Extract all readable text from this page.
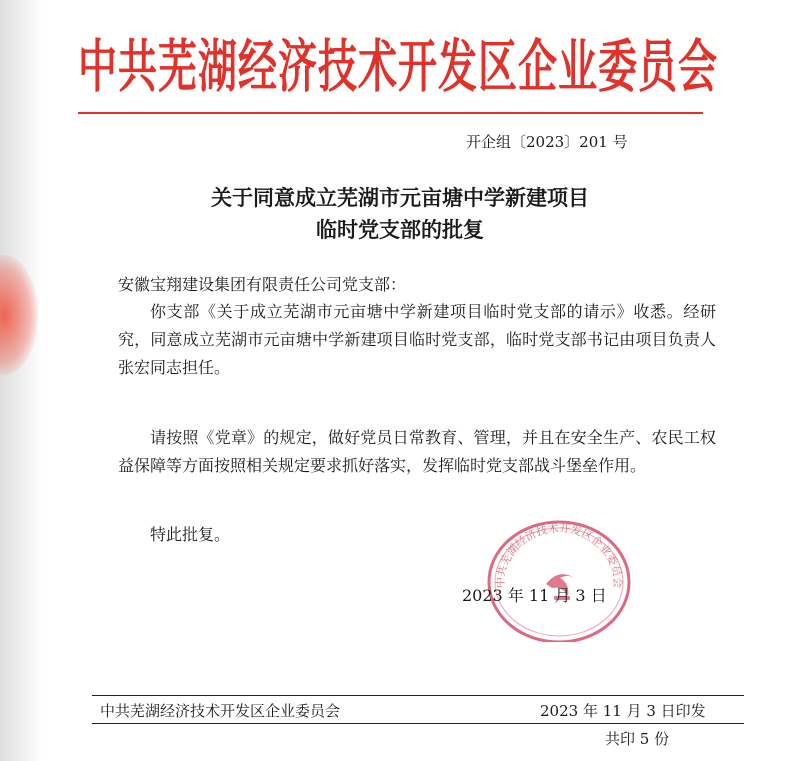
中共芜湖经济技术开发区企业委员会
开企组〔2023〕201 号
关于同意成立芜湖市元亩塘中学新建项目
临时党支部的批复
安徽宝翔建设集团有限责任公司党支部：

你支部《关于成立芜湖市元亩塘中学新建项目临时党支部的请示》收悉。经研究，同意成立芜湖市元亩塘中学新建项目临时党支部，临时党支部书记由项目负责人张宏同志担任。

请按照《党章》的规定，做好党员日常教育、管理，并且在安全生产、农民工权益保障等方面按照相关规定要求抓好落实，发挥临时党支部战斗堡垒作用。

特此批复。
中共芜湖经济技术开发区企业委员会
2023 年 11 月 3 日
中共芜湖经济技术开发区企业委员会	2023 年 11 月 3 日印发
共印 5 份
